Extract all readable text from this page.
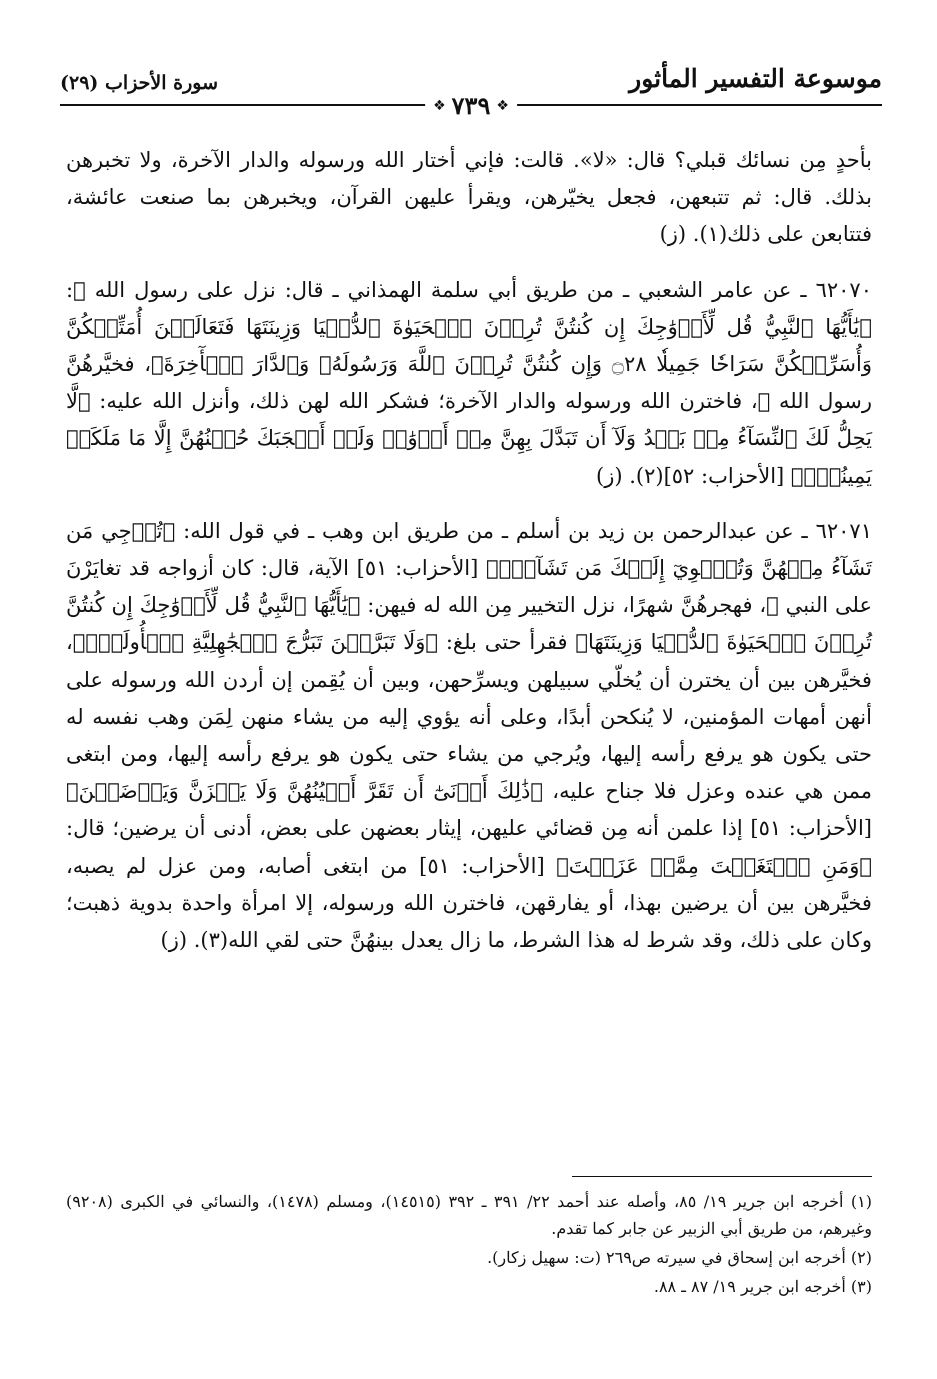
موسوعة التفسير المأثور
سورة الأحزاب (٢٩)
❖ ٧٣٩ ❖

بأحدٍ مِن نسائك قبلي؟ قال: «لا». قالت: فإني أختار الله ورسوله والدار الآخرة، ولا تخبرهن بذلك. قال: ثم تتبعهن، فجعل يخيّرهن، ويقرأ عليهن القرآن، ويخبرهن بما صنعت عائشة، فتتابعن على ذلك(١). (ز)

٦٢٠٧٠ ـ عن عامر الشعبي ـ من طريق أبي سلمة الهمذاني ـ قال: نزل على رسول الله ﷺ: ﴿يَٰأَيُّهَا ٱلنَّبِيُّ قُل لِّأَزۡوَٰجِكَ إِن كُنتُنَّ تُرِدۡنَ ٱلۡحَيَوٰةَ ٱلدُّنۡيَا وَزِينَتَهَا فَتَعَالَيۡنَ أُمَتِّعۡكُنَّ وَأُسَرِّحۡكُنَّ سَرَاحٗا جَمِيلٗا ۝٢٨ وَإِن كُنتُنَّ تُرِدۡنَ ٱللَّهَ وَرَسُولَهُۥ وَٱلدَّارَ ٱلۡأٓخِرَةَ﴾، فخيَّرهُنَّ رسول الله ﷺ، فاخترن الله ورسوله والدار الآخرة؛ فشكر الله لهن ذلك، وأنزل الله عليه: ﴿لَّا يَحِلُّ لَكَ ٱلنِّسَآءُ مِنۢ بَعۡدُ وَلَآ أَن تَبَدَّلَ بِهِنَّ مِنۡ أَزۡوَٰجٖ وَلَوۡ أَعۡجَبَكَ حُسۡنُهُنَّ إِلَّا مَا مَلَكَتۡ يَمِينُكَۗ﴾ [الأحزاب: ٥٢](٢). (ز)

٦٢٠٧١ ـ عن عبدالرحمن بن زيد بن أسلم ـ من طريق ابن وهب ـ في قول الله: ﴿تُرۡجِي مَن تَشَآءُ مِنۡهُنَّ وَتُـٔۡوِيٓ إِلَيۡكَ مَن تَشَآءُۖ﴾ [الأحزاب: ٥١] الآية، قال: كان أزواجه قد تغايَرْنَ على النبي ﷺ، فهجرهُنَّ شهرًا، نزل التخيير مِن الله له فيهن: ﴿يَٰأَيُّهَا ٱلنَّبِيُّ قُل لِّأَزۡوَٰجِكَ إِن كُنتُنَّ تُرِدۡنَ ٱلۡحَيَوٰةَ ٱلدُّنۡيَا وَزِينَتَهَا﴾ فقرأ حتى بلغ: ﴿وَلَا تَبَرَّجۡنَ تَبَرُّجَ ٱلۡجَٰهِلِيَّةِ ٱلۡأُولَىٰۖ﴾، فخيَّرهن بين أن يخترن أن يُخلّي سبيلهن ويسرِّحهن، وبين أن يُقِمن إن أردن الله ورسوله على أنهن أمهات المؤمنين، لا يُنكحن أبدًا، وعلى أنه يؤوي إليه من يشاء منهن لِمَن وهب نفسه له حتى يكون هو يرفع رأسه إليها، ويُرجي من يشاء حتى يكون هو يرفع رأسه إليها، ومن ابتغى ممن هي عنده وعزل فلا جناح عليه، ﴿ذَٰلِكَ أَدۡنَىٰٓ أَن تَقَرَّ أَعۡيُنُهُنَّ وَلَا يَحۡزَنَّ وَيَرۡضَيۡنَ﴾ [الأحزاب: ٥١] إذا علمن أنه مِن قضائي عليهن، إيثار بعضهن على بعض، أدنى أن يرضين؛ قال: ﴿وَمَنِ ٱبۡتَغَيۡتَ مِمَّنۡ عَزَلۡتَ﴾ [الأحزاب: ٥١] من ابتغى أصابه، ومن عزل لم يصبه، فخيَّرهن بين أن يرضين بهذا، أو يفارقهن، فاخترن الله ورسوله، إلا امرأة واحدة بدوية ذهبت؛ وكان على ذلك، وقد شرط له هذا الشرط، ما زال يعدل بينهُنَّ حتى لقي الله(٣). (ز)

(١) أخرجه ابن جرير ١٩/ ٨٥، وأصله عند أحمد ٢٢/ ٣٩١ ـ ٣٩٢ (١٤٥١٥)، ومسلم (١٤٧٨)، والنسائي في الكبرى (٩٢٠٨) وغيرهم، من طريق أبي الزبير عن جابر كما تقدم.

(٢) أخرجه ابن إسحاق في سيرته ص٢٦٩ (ت: سهيل زكار).

(٣) أخرجه ابن جرير ١٩/ ٨٧ ـ ٨٨.
